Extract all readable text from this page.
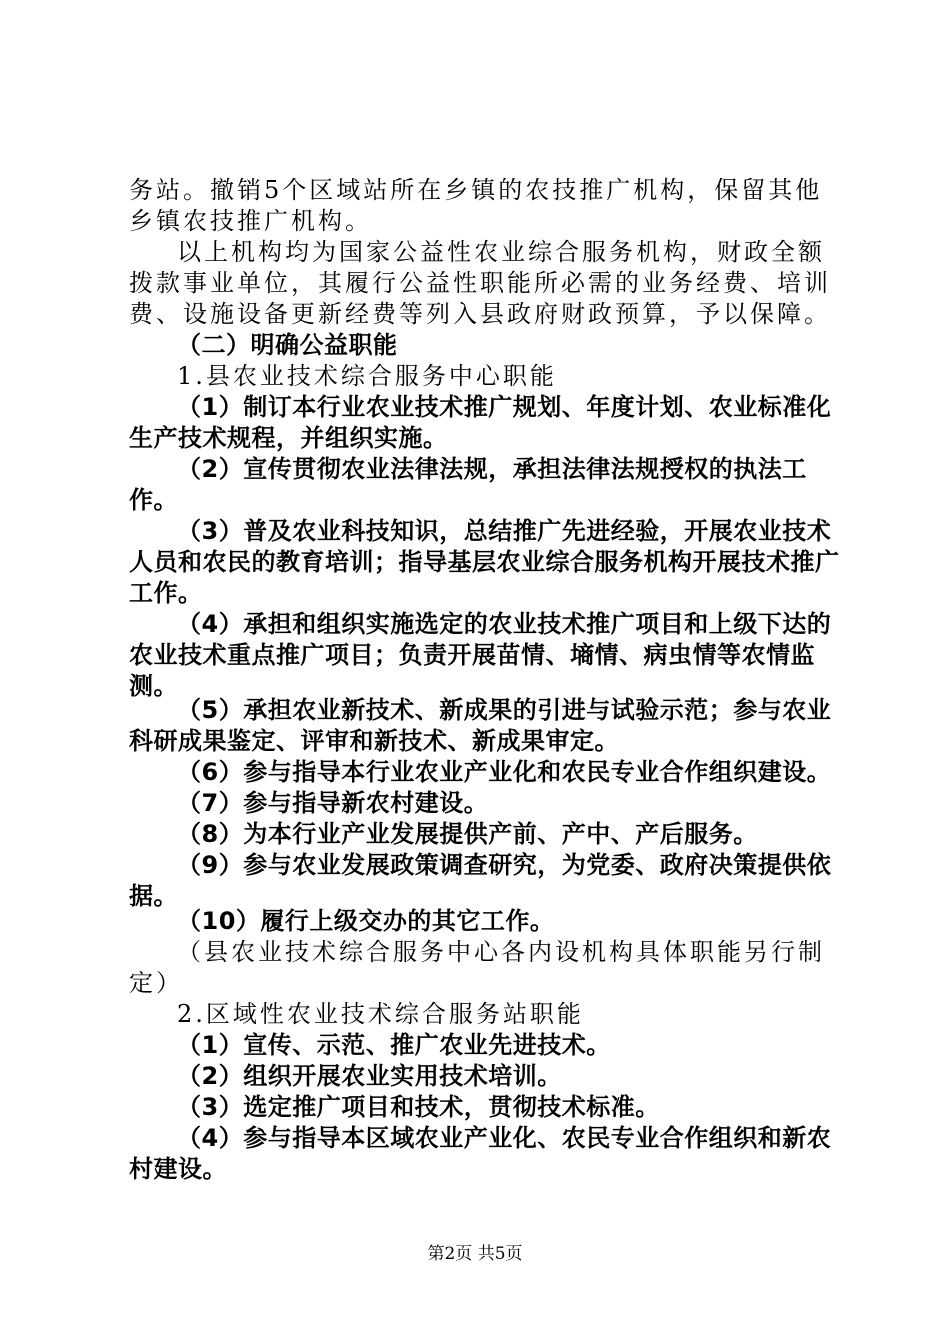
务站。撤销5个区域站所在乡镇的农技推广机构，保留其他乡镇农技推广机构。

以上机构均为国家公益性农业综合服务机构，财政全额拨款事业单位，其履行公益性职能所必需的业务经费、培训费、设施设备更新经费等列入县政府财政预算，予以保障。

（二）明确公益职能

1.县农业技术综合服务中心职能

（1）制订本行业农业技术推广规划、年度计划、农业标准化生产技术规程，并组织实施。

（2）宣传贯彻农业法律法规，承担法律法规授权的执法工作。

（3）普及农业科技知识，总结推广先进经验，开展农业技术人员和农民的教育培训；指导基层农业综合服务机构开展技术推广工作。

（4）承担和组织实施选定的农业技术推广项目和上级下达的农业技术重点推广项目；负责开展苗情、墒情、病虫情等农情监测。

（5）承担农业新技术、新成果的引进与试验示范；参与农业科研成果鉴定、评审和新技术、新成果审定。

（6）参与指导本行业农业产业化和农民专业合作组织建设。

（7）参与指导新农村建设。

（8）为本行业产业发展提供产前、产中、产后服务。

（9）参与农业发展政策调查研究，为党委、政府决策提供依据。

（10）履行上级交办的其它工作。

（县农业技术综合服务中心各内设机构具体职能另行制定）

2.区域性农业技术综合服务站职能

（1）宣传、示范、推广农业先进技术。

（2）组织开展农业实用技术培训。

（3）选定推广项目和技术，贯彻技术标准。

（4）参与指导本区域农业产业化、农民专业合作组织和新农村建设。

第2页 共5页
